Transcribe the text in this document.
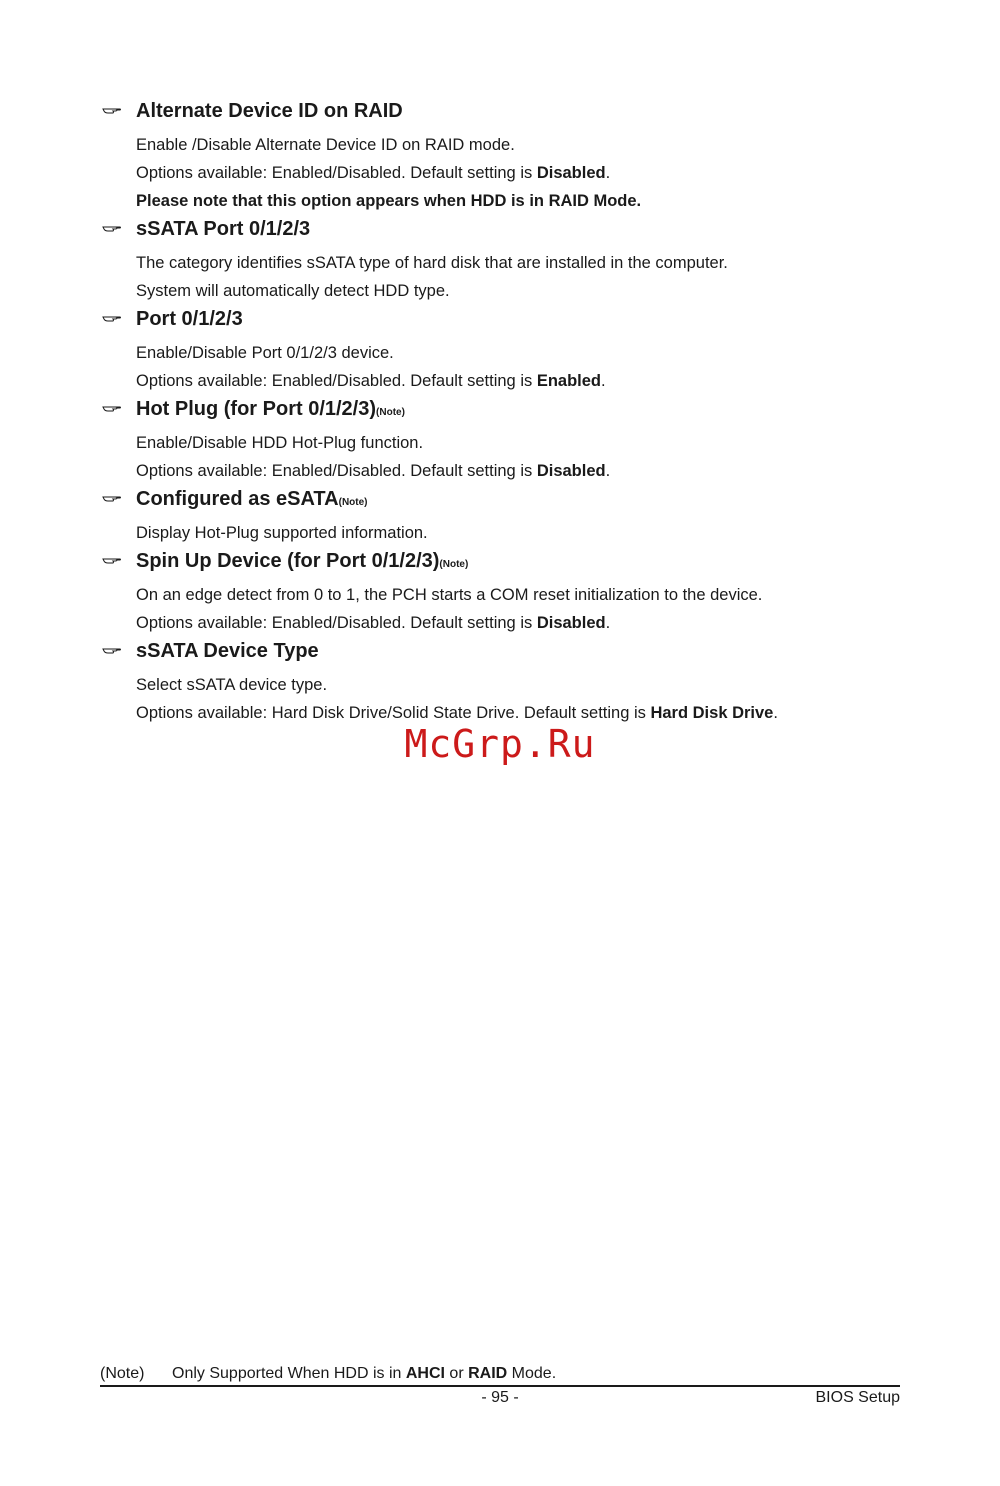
Alternate Device ID on RAID
Enable /Disable Alternate Device ID on RAID mode.
Options available: Enabled/Disabled. Default setting is Disabled.
Please note that this option appears when HDD is in RAID Mode.
sSATA Port 0/1/2/3
The category identifies sSATA type of hard disk that are installed in the computer.
System will automatically detect HDD type.
Port 0/1/2/3
Enable/Disable Port 0/1/2/3 device.
Options available: Enabled/Disabled. Default setting is Enabled.
Hot Plug (for Port 0/1/2/3) (Note)
Enable/Disable HDD Hot-Plug function.
Options available: Enabled/Disabled. Default setting is Disabled.
Configured as eSATA (Note)
Display Hot-Plug supported information.
Spin Up Device (for Port 0/1/2/3) (Note)
On an edge detect from 0 to 1, the PCH starts a COM reset initialization to the device.
Options available: Enabled/Disabled. Default setting is Disabled.
sSATA Device Type
Select sSATA device type.
Options available: Hard Disk Drive/Solid State Drive. Default setting is Hard Disk Drive.
McGrp.Ru
(Note) Only Supported When HDD is in AHCI or RAID Mode.
- 95 -	BIOS Setup
